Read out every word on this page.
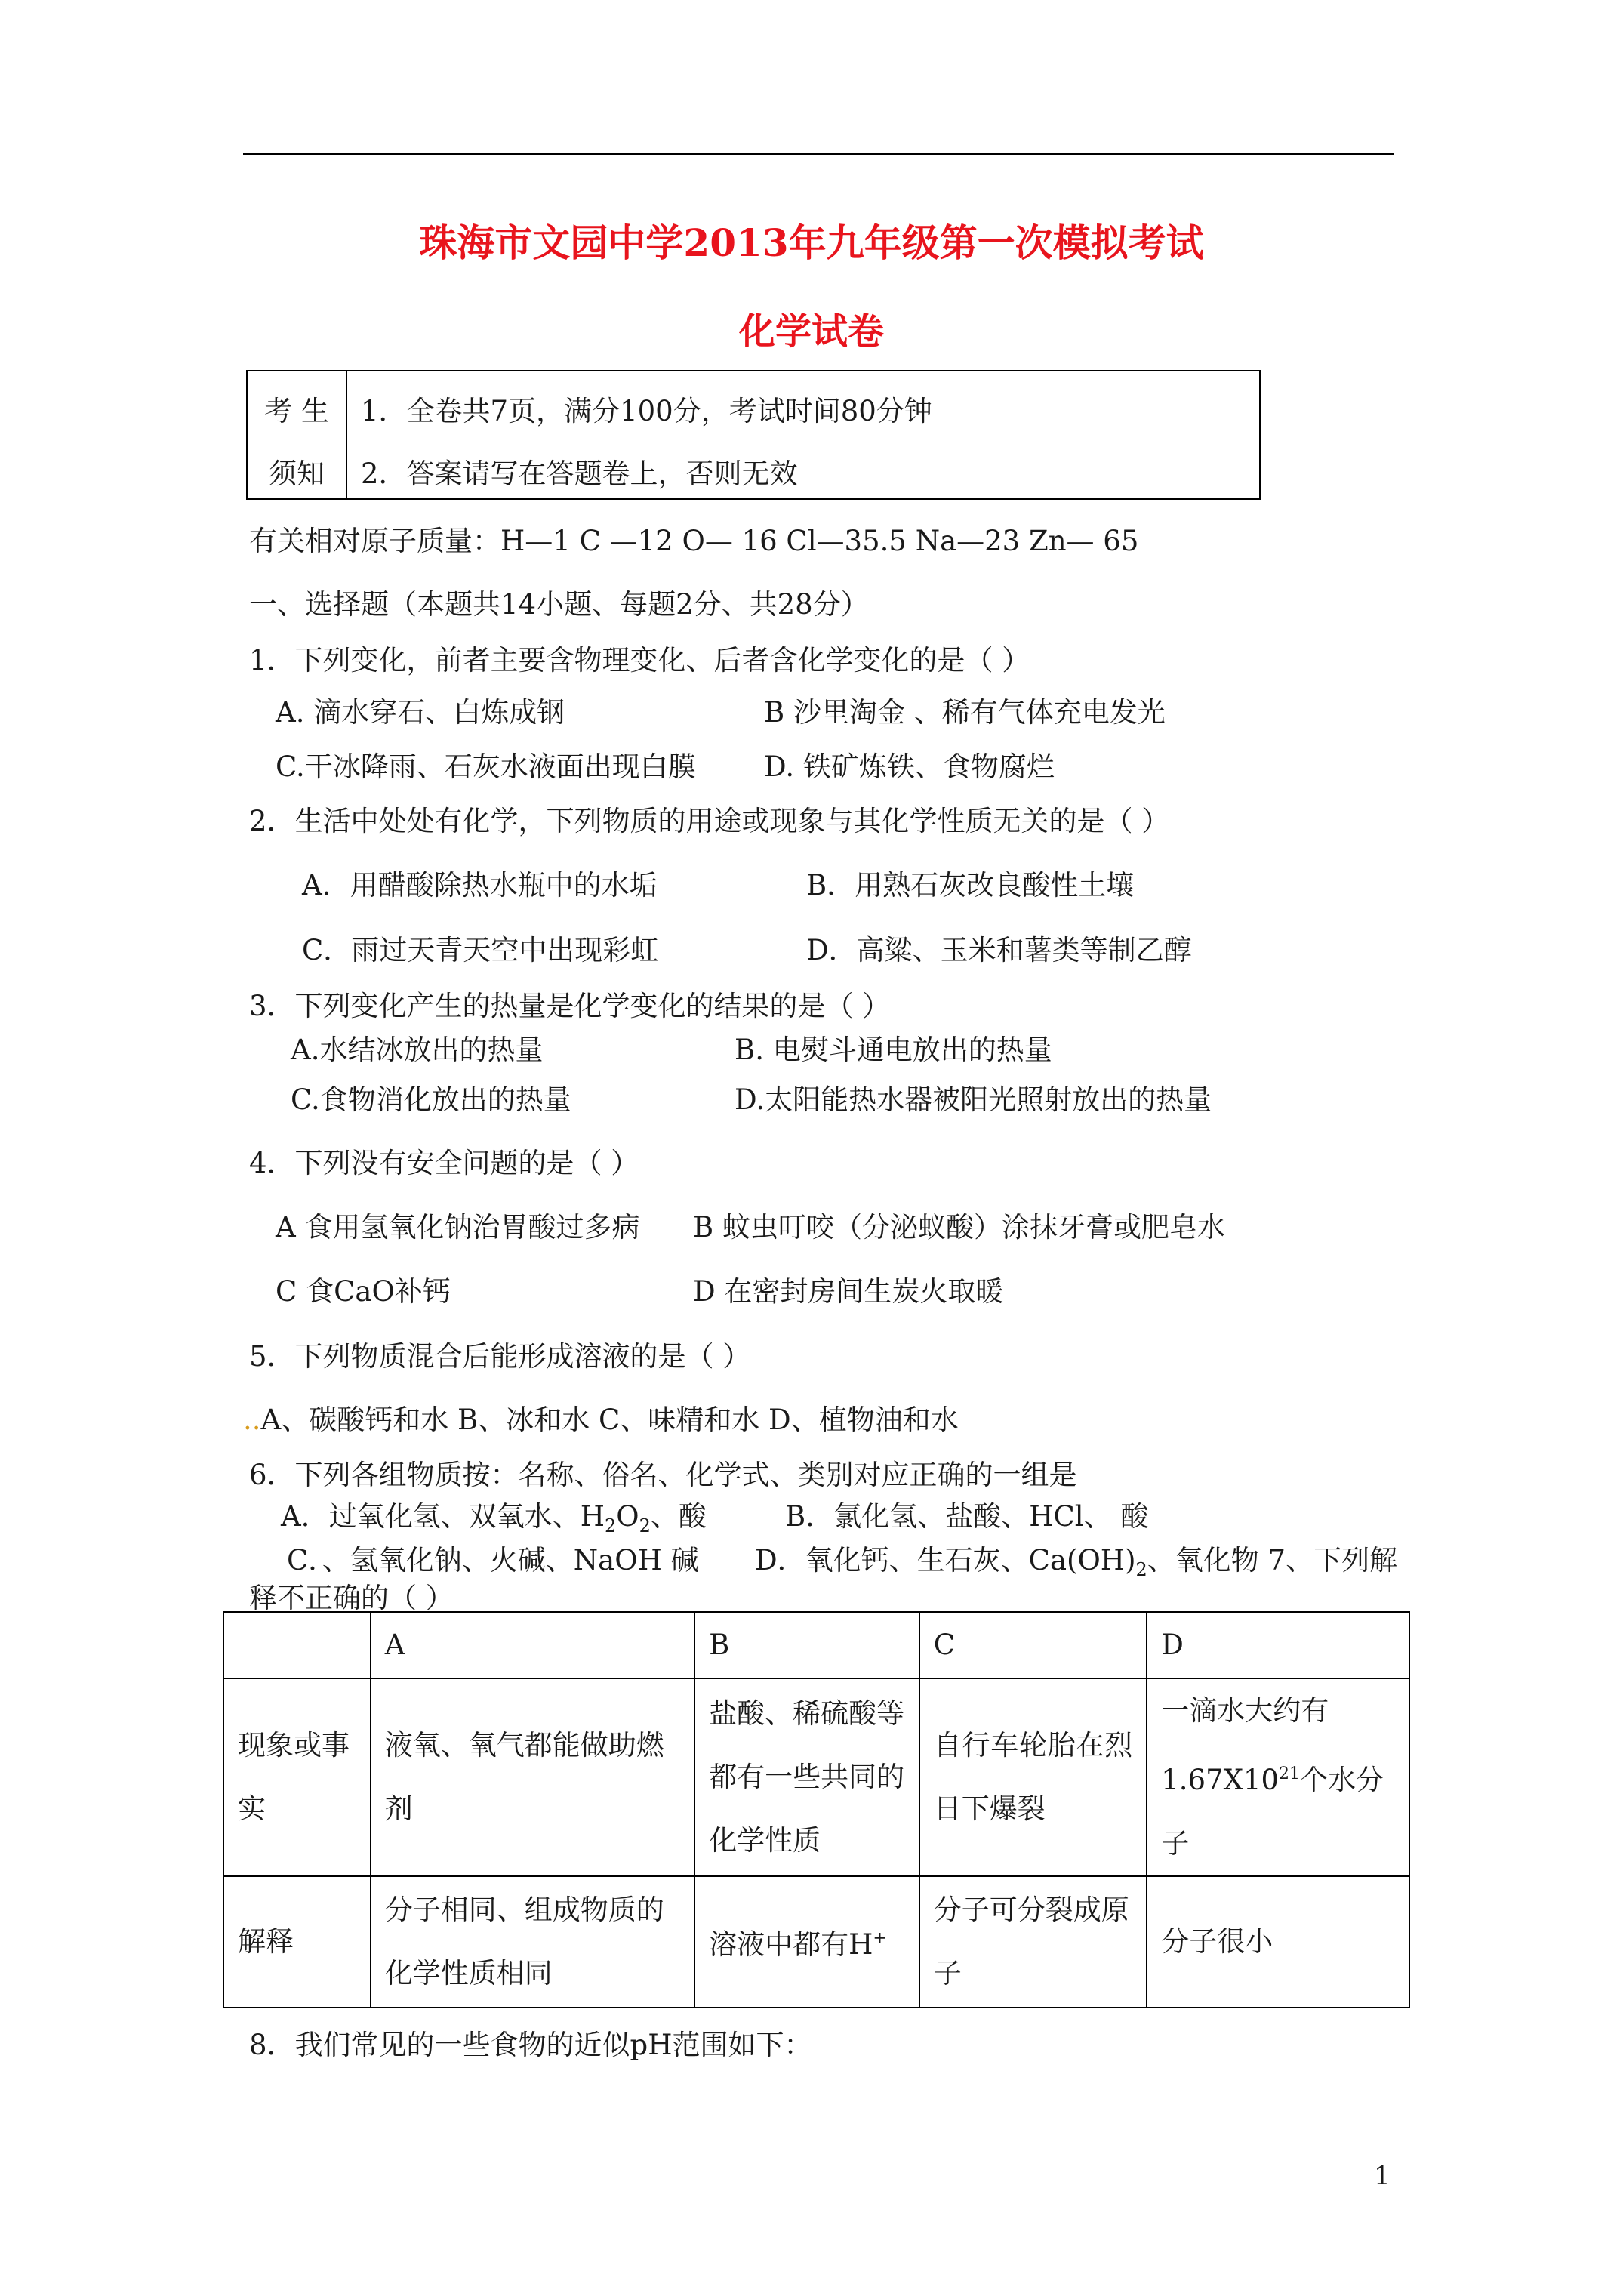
珠海市文园中学2013年九年级第一次模拟考试
化学试卷
考 生
须知
1．全卷共7页，满分100分，考试时间80分钟
2．答案请写在答题卷上，否则无效
有关相对原子质量：H—1 C —12 O— 16 Cl—35.5 Na—23 Zn— 65
一、选择题（本题共14小题、每题2分、共28分）
1．下列变化，前者主要含物理变化、后者含化学变化的是（ ）
A. 滴水穿石、白炼成钢	B 沙里淘金 、稀有气体充电发光
C.干冰降雨、石灰水液面出现白膜 D. 铁矿炼铁、食物腐烂
2．生活中处处有化学，下列物质的用途或现象与其化学性质无关的是（ ）
A．用醋酸除热水瓶中的水垢	B．用熟石灰改良酸性土壤
C．雨过天青天空中出现彩虹	D．高粱、玉米和薯类等制乙醇
3．下列变化产生的热量是化学变化的结果的是（ ）
A.水结冰放出的热量	B. 电熨斗通电放出的热量
C.食物消化放出的热量	D.太阳能热水器被阳光照射放出的热量
4．下列没有安全问题的是（ ）
A 食用氢氧化钠治胃酸过多病 B 蚊虫叮咬（分泌蚁酸）涂抹牙膏或肥皂水
C 食CaO补钙	D 在密封房间生炭火取暖
5．下列物质混合后能形成溶液的是（ ）
..A、碳酸钙和水 B、冰和水 C、味精和水 D、植物油和水
6．下列各组物质按：名称、俗名、化学式、类别对应正确的一组是
A．过氧化氢、双氧水、$H_2O_2$、酸	B．氯化氢、盐酸、HCl、 酸
C．、氢氧化钠、火碱、NaOH 碱 D．氧化钙、生石灰、$Ca(OH)_2$、氧化物 7、下列解
释不正确的（ ）
	A	B	C	D
现象或事实	液氧、氧气都能做助燃剂	盐酸、稀硫酸等都有一些共同的化学性质	自行车轮胎在烈日下爆裂	一滴水大约有$1.67X10^{21}$个水分子
解释	分子相同、组成物质的化学性质相同	溶液中都有H+	分子可分裂成原子	分子很小
8．我们常见的一些食物的近似pH范围如下：
1
